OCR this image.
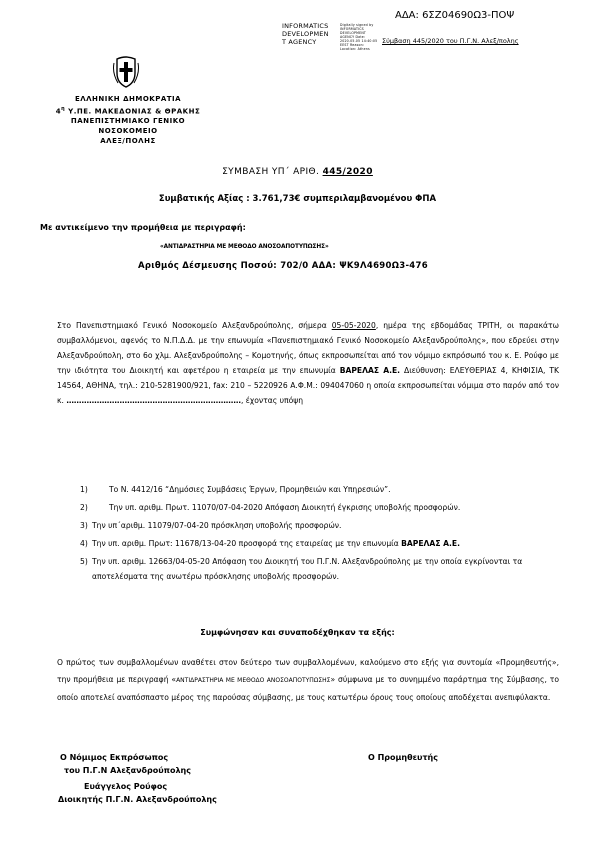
ΑΔΑ: 6ΣΖ04690Ω3-ΠΟΨ
INFORMATICS
DEVELOPMEN
T AGENCY
Digitally signed by INFORMATICS DEVELOPMENT AGENCY Date: 2020.05.05 14:40:05 EEST Reason: Location: Athens
Σύμβαση 445/2020 του Π.Γ.Ν. Αλεξ/πολης
ΕΛΛΗΝΙΚΗ ΔΗΜΟΚΡΑΤΙΑ
$4^\eta$ Υ.ΠΕ. ΜΑΚΕΔΟΝΙΑΣ & ΘΡΑΚΗΣ
ΠΑΝΕΠΙΣΤΗΜΙΑΚΟ ΓΕΝΙΚΟ
ΝΟΣΟΚΟΜΕΙΟ
ΑΛΕΞ/ΠΟΛΗΣ
ΣΥΜΒΑΣΗ ΥΠ΄ ΑΡΙΘ. 445/2020
Συμβατικής Αξίας : 3.761,73€ συμπεριλαμβανομένου ΦΠΑ
Με αντικείμενο την προμήθεια με περιγραφή:
«ΑΝΤΙΔΡΑΣΤΗΡΙΑ ΜΕ ΜΕΘΟΔΟ ΑΝΟΣΟΑΠΟΤΥΠΩΣΗΣ»
Αριθμός Δέσμευσης Ποσού: 702/0 ΑΔΑ: ΨΚ9Λ4690Ω3-476
Στο Πανεπιστημιακό Γενικό Νοσοκομείο Αλεξανδρούπολης, σήμερα 05-05-2020, ημέρα της εβδομάδας ΤΡΙΤΗ, οι παρακάτω συμβαλλόμενοι, αφενός το Ν.Π.Δ.Δ. με την επωνυμία «Πανεπιστημιακό Γενικό Νοσοκομείο Αλεξανδρούπολης», που εδρεύει στην Αλεξανδρούπολη, στο 6ο χλμ. Αλεξανδρούπολης – Κομοτηνής, όπως εκπροσωπείται από τον νόμιμο εκπρόσωπό του κ. Ε. Ρούφο με την ιδιότητα του Διοικητή και αφετέρου η εταιρεία με την επωνυμία ΒΑΡΕΛΑΣ Α.Ε. Διεύθυνση: ΕΛΕΥΘΕΡΙΑΣ 4, ΚΗΦΙΣΙΑ, ΤΚ 14564, ΑΘΗΝΑ, τηλ.: 210-5281900/921, fax: 210 – 5220926 Α.Φ.Μ.: 094047060 η οποία εκπροσωπείται νόμιμα στο παρόν από τον κ. ……………………………………………………………, έχοντας υπόψη
1)	Το Ν. 4412/16 “Δημόσιες Συμβάσεις Έργων, Προμηθειών και Υπηρεσιών”.
2)	Την υπ. αριθμ. Πρωτ. 11070/07-04-2020 Απόφαση Διοικητή έγκρισης υποβολής προσφορών.
3) Την υπ΄αριθμ. 11079/07-04-20 πρόσκληση υποβολής προσφορών.
4) Την υπ. αριθμ. Πρωτ: 11678/13-04-20 προσφορά της εταιρείας με την επωνυμία ΒΑΡΕΛΑΣ Α.Ε.
5) Την υπ. αριθμ. 12663/04-05-20 Απόφαση του Διοικητή του Π.Γ.Ν. Αλεξανδρούπολης με την οποία εγκρίνονται τα αποτελέσματα της ανωτέρω πρόσκλησης υποβολής προσφορών.
Συμφώνησαν και συναποδέχθηκαν τα εξής:
Ο πρώτος των συμβαλλομένων αναθέτει στον δεύτερο των συμβαλλομένων, καλούμενο στο εξής για συντομία «Προμηθευτής», την προμήθεια με περιγραφή «ΑΝΤΙΔΡΑΣΤΗΡΙΑ ΜΕ ΜΕΘΟΔΟ ΑΝΟΣΟΑΠΟΤΥΠΩΣΗΣ» σύμφωνα με το συνημμένο παράρτημα της Σύμβασης, το οποίο αποτελεί αναπόσπαστο μέρος της παρούσας σύμβασης, με τους κατωτέρω όρους τους οποίους αποδέχεται ανεπιφύλακτα.
Ο Νόμιμος Εκπρόσωπος
του Π.Γ.Ν Αλεξανδρούπολης
Ο Προμηθευτής
Ευάγγελος Ρούφος
Διοικητής Π.Γ.Ν. Αλεξανδρούπολης
